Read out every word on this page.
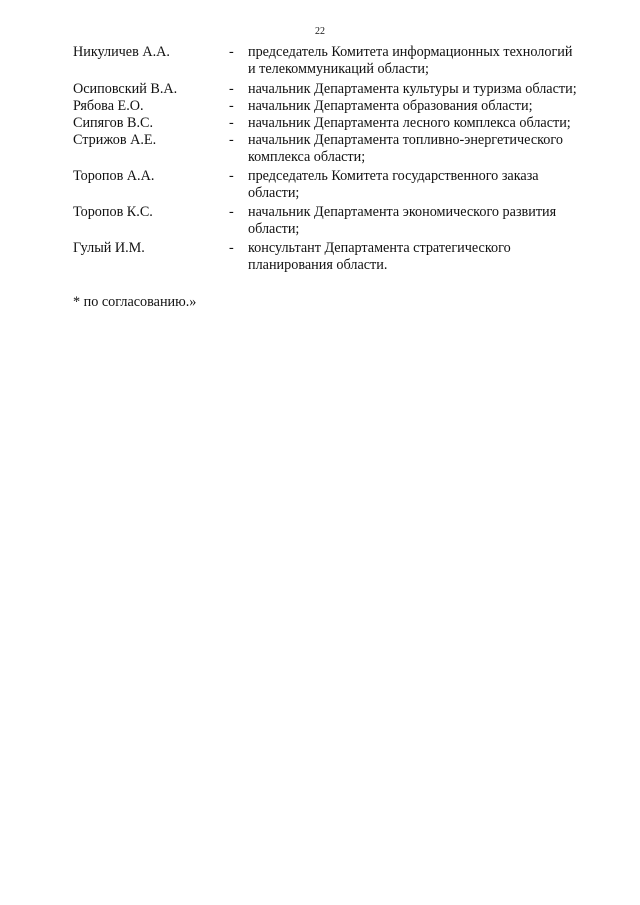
22
Никуличев А.А.	-	председатель Комитета информационных технологий
и телекоммуникаций области;
Осиповский В.А.	-	начальник Департамента культуры и туризма области;
Рябова Е.О.	-	начальник Департамента образования области;
Сипягов В.С.	-	начальник Департамента лесного комплекса области;
Стрижов А.Е.	-	начальник Департамента топливно-энергетического
комплекса области;
Торопов А.А.	-	председатель Комитета государственного заказа
области;
Торопов К.С.	-	начальник Департамента экономического развития
области;
Гулый И.М.	-	консультант Департамента стратегического
планирования области.
* по согласованию.»
